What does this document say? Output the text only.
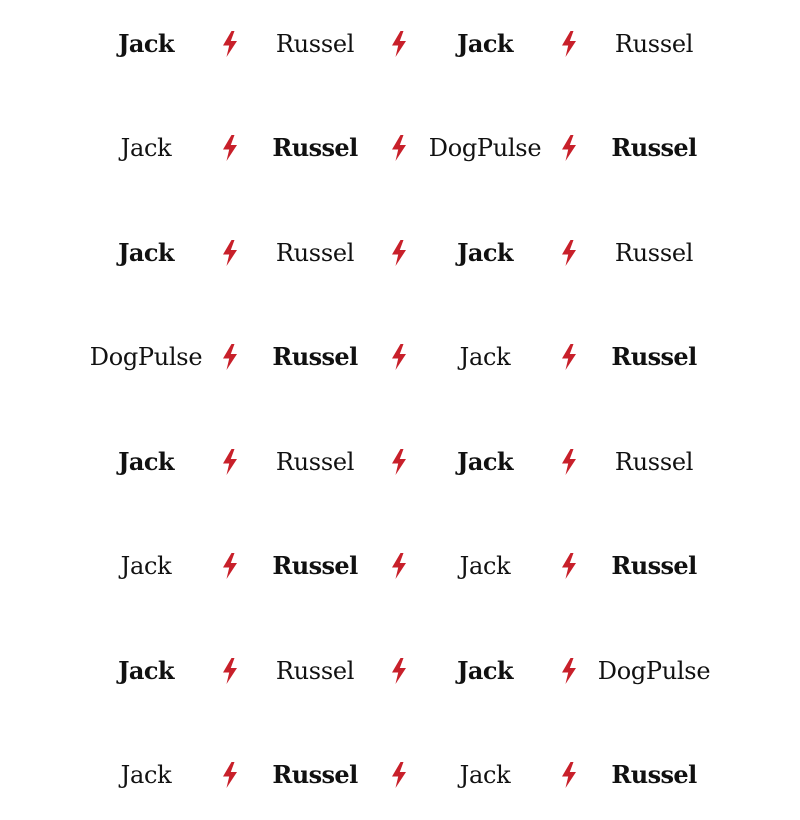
Jack	Russel	Jack	Russel
Jack	Russel	DogPulse	Russel
Jack	Russel	Jack	Russel
DogPulse	Russel	Jack	Russel
Jack	Russel	Jack	Russel
Jack	Russel	Jack	Russel
Jack	Russel	Jack	DogPulse
Jack	Russel	Jack	Russel
